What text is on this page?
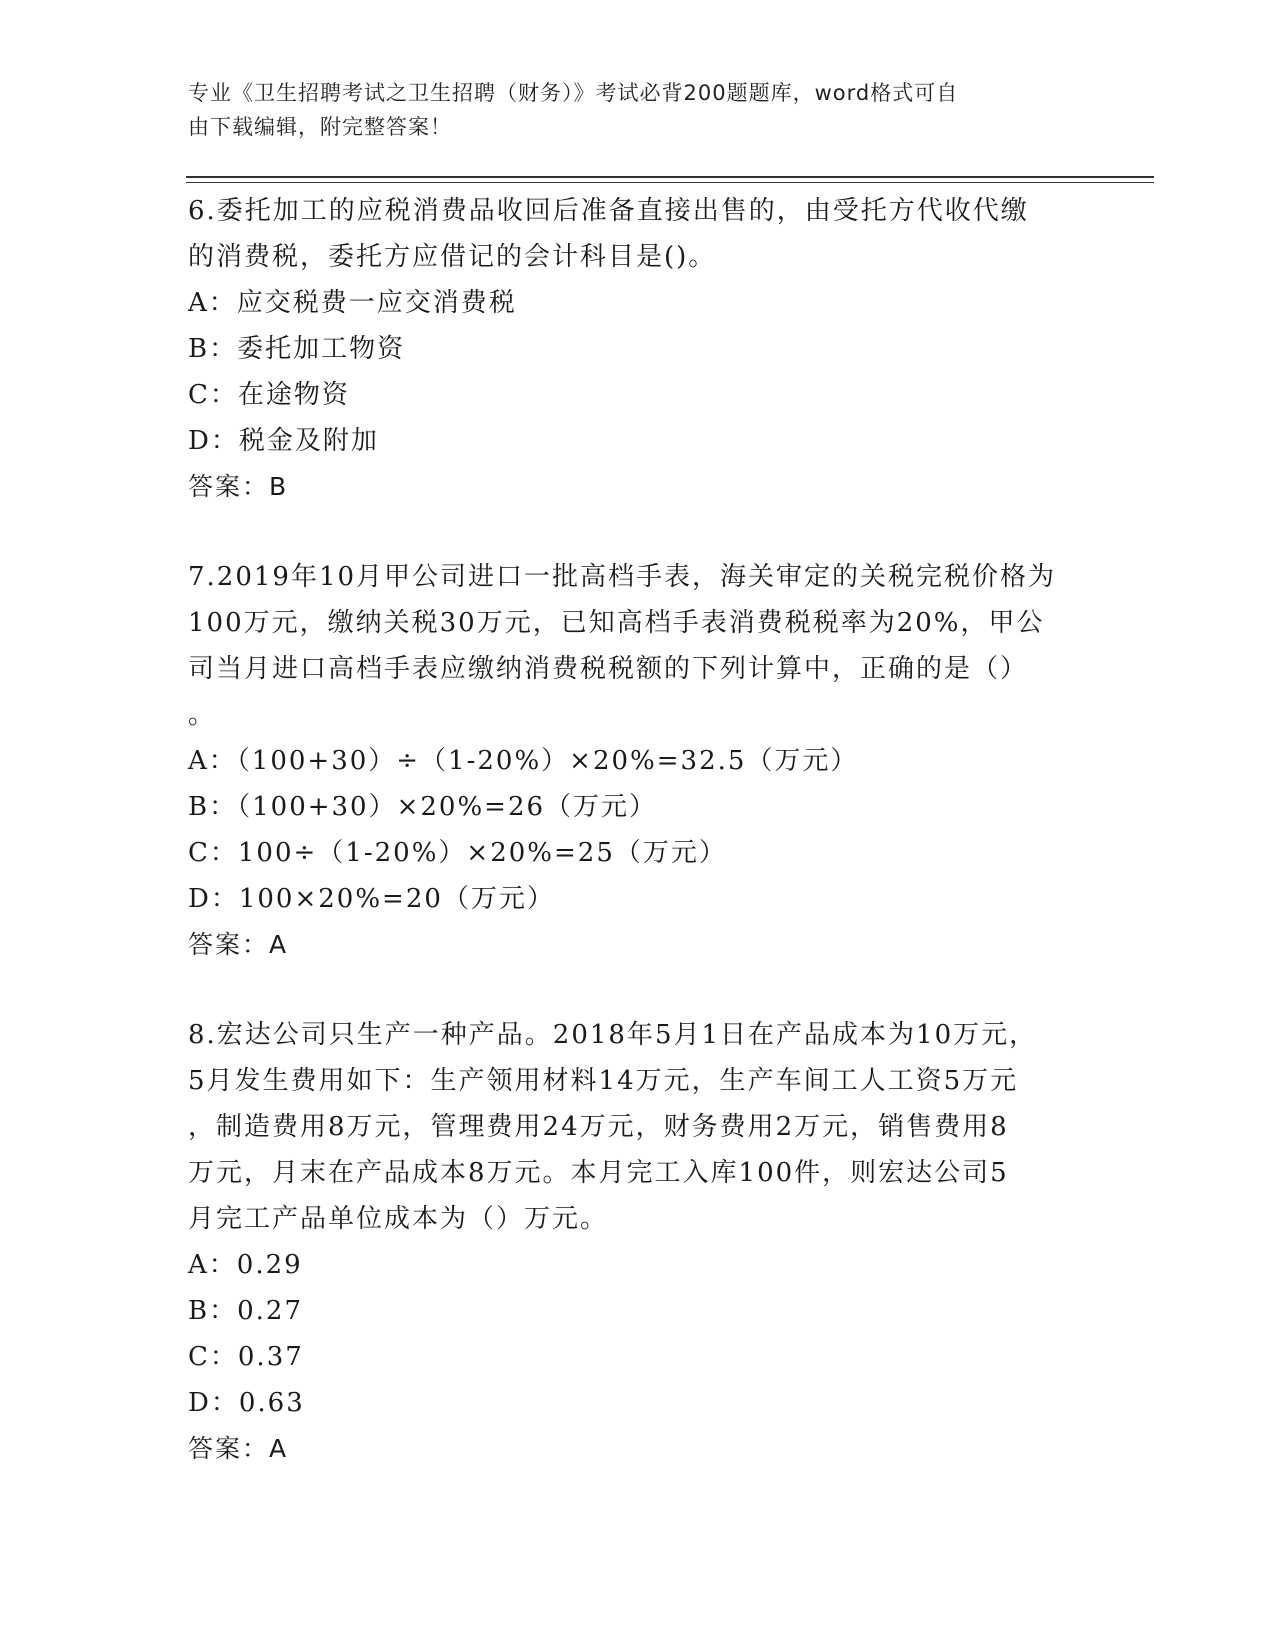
专业《卫生招聘考试之卫生招聘（财务）》考试必背200题题库，word格式可自
由下载编辑，附完整答案！

6.委托加工的应税消费品收回后准备直接出售的，由受托方代收代缴

的消费税，委托方应借记的会计科目是()。

A：应交税费一应交消费税

B：委托加工物资

C：在途物资

D：税金及附加

答案：B

7.2019年10月甲公司进口一批高档手表，海关审定的关税完税价格为

100万元，缴纳关税30万元，已知高档手表消费税税率为20%，甲公

司当月进口高档手表应缴纳消费税税额的下列计算中，正确的是（）

。

A：（100+30）÷（1-20%）×20%=32.5（万元）

B：（100+30）×20%=26（万元）

C：100÷（1-20%）×20%=25（万元）

D：100×20%=20（万元）

答案：A

8.宏达公司只生产一种产品。2018年5月1日在产品成本为10万元，

5月发生费用如下：生产领用材料14万元，生产车间工人工资5万元

，制造费用8万元，管理费用24万元，财务费用2万元，销售费用8

万元，月末在产品成本8万元。本月完工入库100件，则宏达公司5

月完工产品单位成本为（）万元。

A：0.29

B：0.27

C：0.37

D：0.63

答案：A
